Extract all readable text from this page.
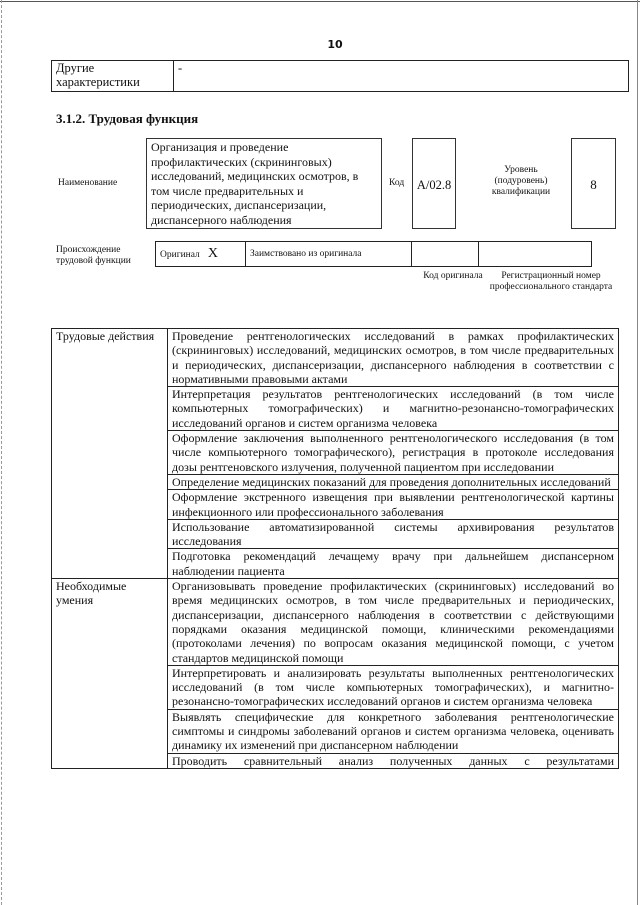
10
Другие характеристики	-
3.1.2. Трудовая функция
Наименование
Организация и проведение профилактических (скрининговых) исследований, медицинских осмотров, в том числе предварительных и периодических, диспансеризации, диспансерного наблюдения
Код	A/02.8
Уровень (подуровень) квалификации	8
Происхождение трудовой функции
Оригинал X	Заимствовано из оригинала		
Код оригинала	Регистрационный номер профессионального стандарта
Трудовые действия	Проведение рентгенологических исследований в рамках профилактических (скрининговых) исследований, медицинских осмотров, в том числе предварительных и периодических, диспансеризации, диспансерного наблюдения в соответствии с нормативными правовыми актами
	Интерпретация результатов рентгенологических исследований (в том числе компьютерных томографических) и магнитно-резонансно-томографических исследований органов и систем организма человека
	Оформление заключения выполненного рентгенологического исследования (в том числе компьютерного томографического), регистрация в протоколе исследования дозы рентгеновского излучения, полученной пациентом при исследовании
	Определение медицинских показаний для проведения дополнительных исследований
	Оформление экстренного извещения при выявлении рентгенологической картины инфекционного или профессионального заболевания
	Использование автоматизированной системы архивирования результатов исследования
	Подготовка рекомендаций лечащему врачу при дальнейшем диспансерном наблюдении пациента
Необходимые умения	Организовывать проведение профилактических (скрининговых) исследований во время медицинских осмотров, в том числе предварительных и периодических, диспансеризации, диспансерного наблюдения в соответствии с действующими порядками оказания медицинской помощи, клиническими рекомендациями (протоколами лечения) по вопросам оказания медицинской помощи, с учетом стандартов медицинской помощи
	Интерпретировать и анализировать результаты выполненных рентгенологических исследований (в том числе компьютерных томографических), и магнитно-резонансно-томографических исследований органов и систем организма человека
	Выявлять специфические для конкретного заболевания рентгенологические симптомы и синдромы заболеваний органов и систем организма человека, оценивать динамику их изменений при диспансерном наблюдении
	Проводить сравнительный анализ полученных данных с результатами
